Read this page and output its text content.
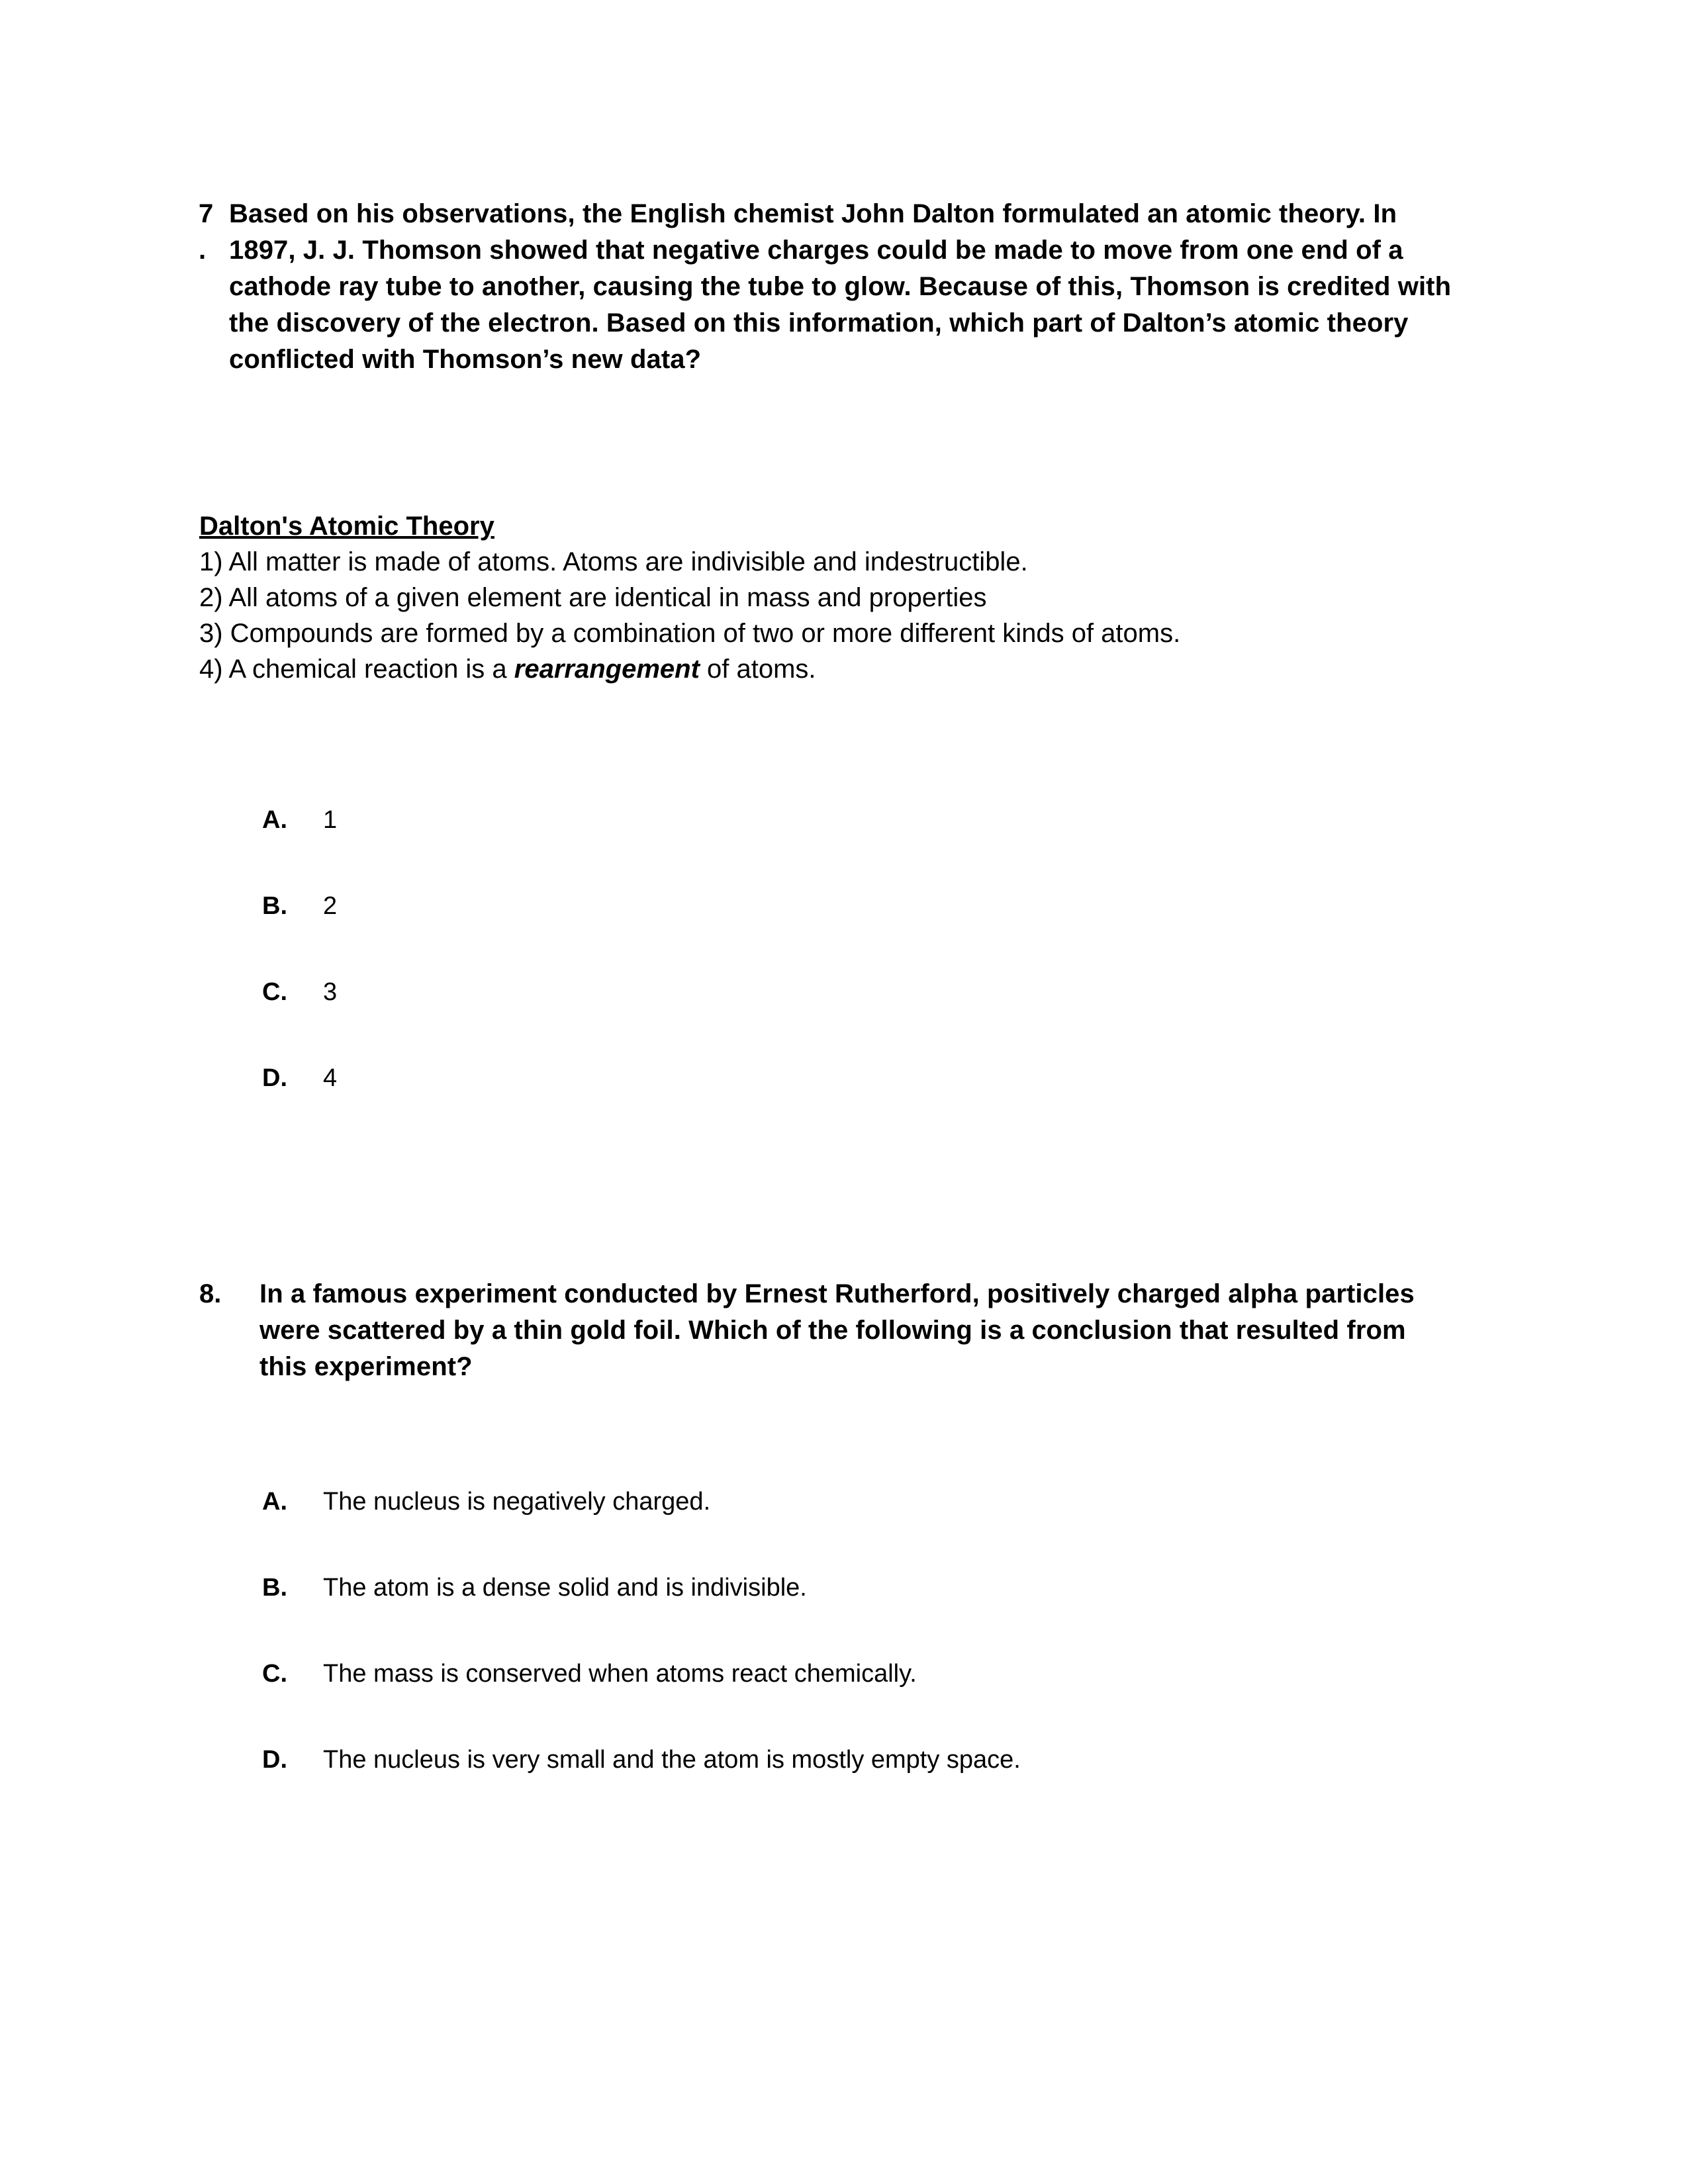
7
.
Based on his observations, the English chemist John Dalton formulated an atomic theory. In 1897, J. J. Thomson showed that negative charges could be made to move from one end of a cathode ray tube to another, causing the tube to glow. Because of this, Thomson is credited with the discovery of the electron. Based on this information, which part of Dalton’s atomic theory conflicted with Thomson’s new data?
Dalton's Atomic Theory
1) All matter is made of atoms. Atoms are indivisible and indestructible.
2) All atoms of a given element are identical in mass and properties
3) Compounds are formed by a combination of two or more different kinds of atoms.
4) A chemical reaction is a rearrangement of atoms.
A.	1
B.	2
C.	3
D.	4
8.	In a famous experiment conducted by Ernest Rutherford, positively charged alpha particles were scattered by a thin gold foil. Which of the following is a conclusion that resulted from this experiment?
A.	The nucleus is negatively charged.
B.	The atom is a dense solid and is indivisible.
C.	The mass is conserved when atoms react chemically.
D.	The nucleus is very small and the atom is mostly empty space.
